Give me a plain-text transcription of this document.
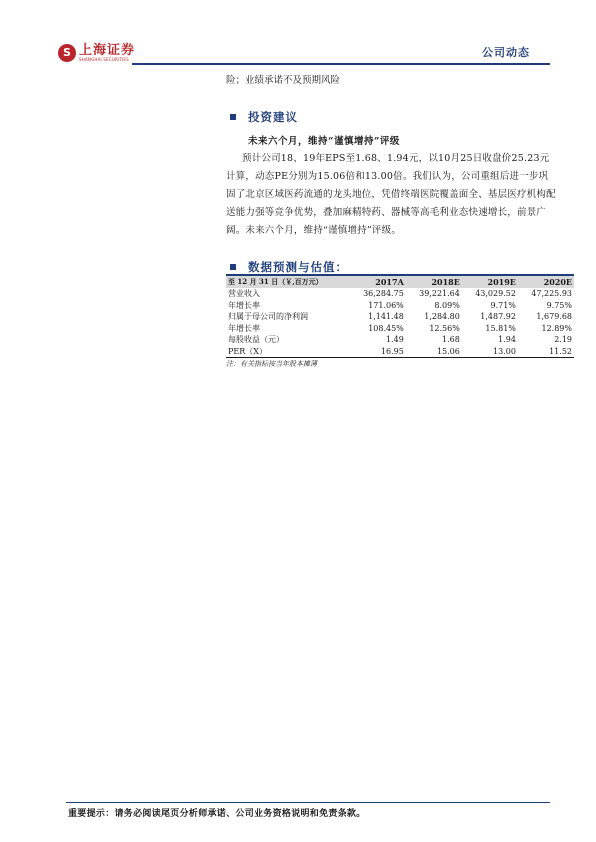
S 上海证券
SHANGHAI SECURITIES
公司动态
险；业绩承诺不及预期风险
投资建议
未来六个月，维持“谨慎增持”评级
预计公司18、19年EPS至1.68、1.94元，以10月25日收盘价25.23元计算，动态PE分别为15.06倍和13.00倍。我们认为，公司重组后进一步巩固了北京区域医药流通的龙头地位，凭借终端医院覆盖面全、基层医疗机构配送能力强等竞争优势，叠加麻精特药、器械等高毛利业态快速增长，前景广阔。未来六个月，维持“谨慎增持”评级。
数据预测与估值：
至 12 月 31 日（￥,百万元）	2017A	2018E	2019E	2020E
营业收入	36,284.75	39,221.64	43,029.52	47,225.93
年增长率	171.06%	8.09%	9.71%	9.75%
归属于母公司的净利润	1,141.48	1,284.80	1,487.92	1,679.68
年增长率	108.45%	12.56%	15.81%	12.89%
每股收益（元）	1.49	1.68	1.94	2.19
PER（X）	16.95	15.06	13.00	11.52
注：有关指标按当年股本摊薄
重要提示：请务必阅读尾页分析师承诺、公司业务资格说明和免责条款。
